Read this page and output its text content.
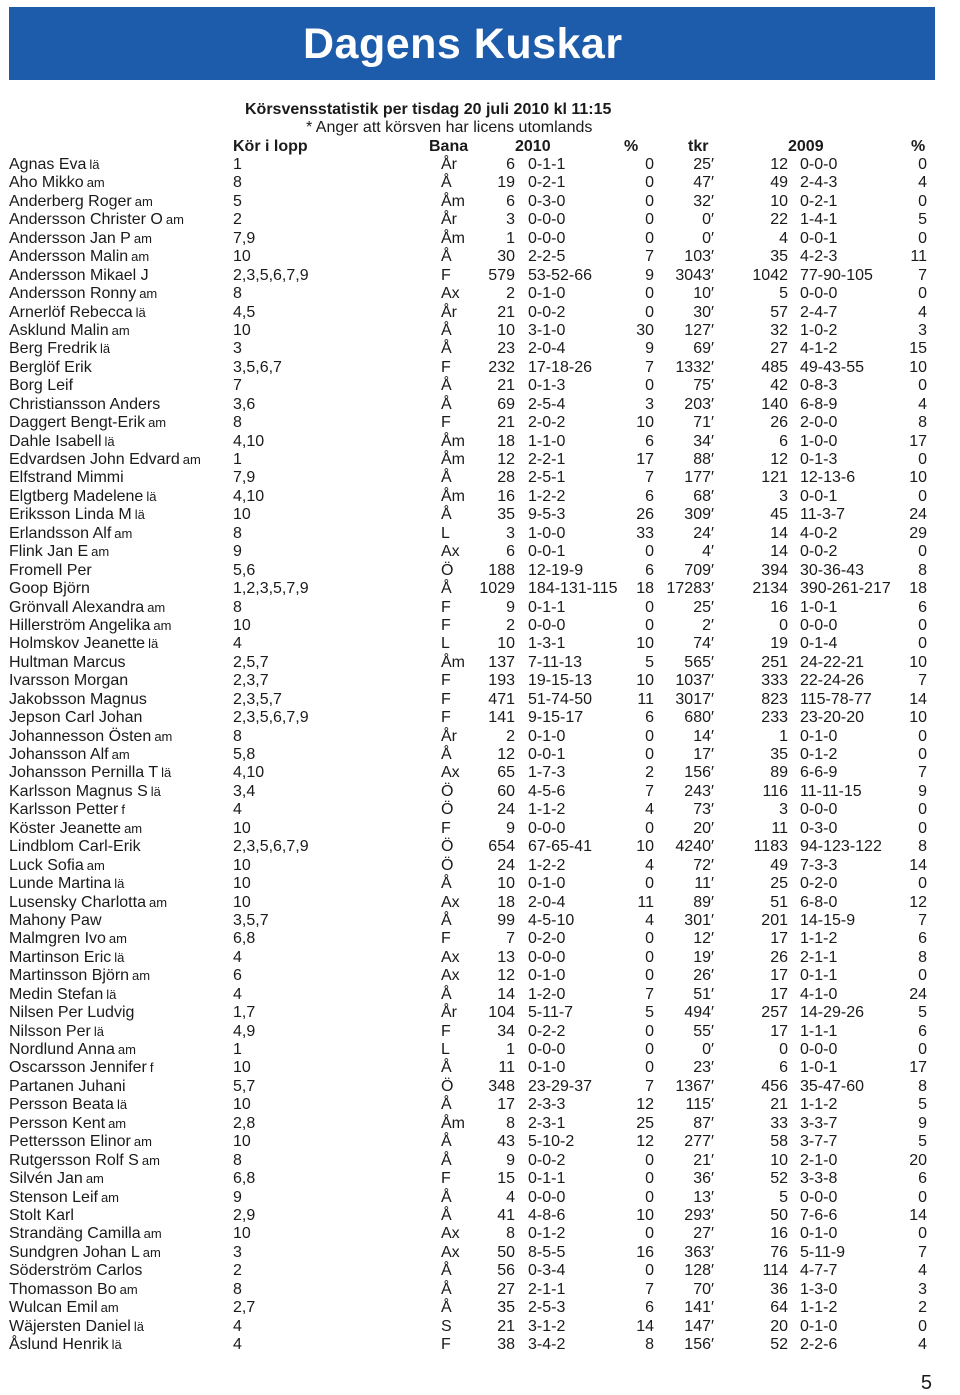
Dagens Kuskar
Körsvensstatistik per tisdag 20 juli 2010 kl 11:15
* Anger att körsven har licens utomlands
Kör i lopp	Bana	2010	%	tkr	2009	%
Agnas Eva lä	1	År	6 0-1-1	0 25′	12 0-0-0	0
Aho Mikko am	8	Å	19 0-2-1	0 47′	49 2-4-3	4
Anderberg Roger am	5	Åm	6 0-3-0	0 32′	10 0-2-1	0
Andersson Christer O am	2	År	3 0-0-0	0	0′	22 1-4-1	5
Andersson Jan P am	7,9	Åm	1 0-0-0	0	0′	4 0-0-1	0
Andersson Malin am	10	Å	30 2-2-5	7 103′	35 4-2-3	11
Andersson Mikael J	2,3,5,6,7,9	F 579 53-52-66	9 3043′ 1042 77-90-105	7
Andersson Ronny am	8	Ax	2 0-1-0	0 10′	5 0-0-0	0
Arnerlöf Rebecca lä	4,5	År	21 0-0-2	0 30′	57 2-4-7	4
Asklund Malin am	10	Å	10 3-1-0	30 127′	32 1-0-2	3
Berg Fredrik lä	3	Å	23 2-0-4	9 69′	27 4-1-2	15
Berglöf Erik	3,5,6,7	F 232 17-18-26	7 1332′	485 49-43-55	10
Borg Leif	7	Å	21 0-1-3	0 75′	42 0-8-3	0
Christiansson Anders	3,6	Å	69 2-5-4	3 203′	140 6-8-9	4
Daggert Bengt-Erik am	8	F	21 2-0-2	10 71′	26 2-0-0	8
Dahle Isabell lä	4,10	Åm 18 1-1-0	6 34′	6 1-0-0	17
Edvardsen John Edvard am 1	Åm 12 2-2-1	17 88′	12 0-1-3	0
Elfstrand Mimmi	7,9	Å	28 2-5-1	7 177′	121 12-13-6	10
Elgtberg Madelene lä	4,10	Åm 16 1-2-2	6 68′	3 0-0-1	0
Eriksson Linda M lä	10	Å	35 9-5-3	26 309′	45 11-3-7	24
Erlandsson Alf am	8	L	3 1-0-0	33 24′	14 4-0-2	29
Flink Jan E am	9	Ax	6 0-0-1	0	4′	14 0-0-2	0
Fromell Per	5,6	Ö 188 12-19-9	6 709′	394 30-36-43	8
Goop Björn	1,2,3,5,7,9	Å 1029 184-131-115 18 17283′ 2134 390-261-217 18
Grönvall Alexandra am	8	F	9 0-1-1	0 25′	16 1-0-1	6
Hillerström Angelika am	10	F	2 0-0-0	0	2′	0 0-0-0	0
Holmskov Jeanette lä	4	L	10 1-3-1	10 74′	19 0-1-4	0
Hultman Marcus	2,5,7	Åm 137 7-11-13	5 565′	251 24-22-21	10
Ivarsson Morgan	2,3,7	F 193 19-15-13	10 1037′	333 22-24-26	7
Jakobsson Magnus	2,3,5,7	F 471 51-74-50	11 3017′	823 115-78-77 14
Jepson Carl Johan	2,3,5,6,7,9	F 141 9-15-17	6 680′	233 23-20-20	10
Johannesson Östen am	8	År	2 0-1-0	0 14′	1 0-1-0	0
Johansson Alf am	5,8	Å	12 0-0-1	0 17′	35 0-1-2	0
Johansson Pernilla T lä	4,10	Ax 65 1-7-3	2 156′	89 6-6-9	7
Karlsson Magnus S lä	3,4	Ö	60 4-5-6	7 243′	116 11-11-15	9
Karlsson Petter f	4	Ö	24 1-1-2	4 73′	3 0-0-0	0
Köster Jeanette am	10	F	9 0-0-0	0 20′	11 0-3-0	0
Lindblom Carl-Erik	2,3,5,6,7,9	Ö 654 67-65-41	10 4240′ 1183 94-123-122 8
Luck Sofia am	10	Ö	24 1-2-2	4 72′	49 7-3-3	14
Lunde Martina lä	10	Å	10 0-1-0	0	11′	25 0-2-0	0
Lusensky Charlotta am	10	Ax 18 2-0-4	11 89′	51 6-8-0	12
Mahony Paw	3,5,7	Å	99 4-5-10	4 301′	201 14-15-9	7
Malmgren Ivo am	6,8	F	7 0-2-0	0 12′	17 1-1-2	6
Martinson Eric lä	4	Ax 13 0-0-0	0 19′	26 2-1-1	8
Martinsson Björn am	6	Ax 12 0-1-0	0 26′	17 0-1-1	0
Medin Stefan lä	4	Å	14 1-2-0	7 51′	17 4-1-0	24
Nilsen Per Ludvig	1,7	År 104 5-11-7	5 494′	257 14-29-26	5
Nilsson Per lä	4,9	F	34 0-2-2	0 55′	17 1-1-1	6
Nordlund Anna am	1	L	1 0-0-0	0	0′	0 0-0-0	0
Oscarsson Jennifer f	10	Å	11 0-1-0	0 23′	6 1-0-1	17
Partanen Juhani	5,7	Ö 348 23-29-37	7 1367′	456 35-47-60	8
Persson Beata lä	10	Å	17 2-3-3	12 115′	21 1-1-2	5
Persson Kent am	2,8	Åm	8 2-3-1	25 87′	33 3-3-7	9
Pettersson Elinor am	10	Å	43 5-10-2	12 277′	58 3-7-7	5
Rutgersson Rolf S am	8	Å	9 0-0-2	0 21′	10 2-1-0	20
Silvén Jan am	6,8	F	15 0-1-1	0 36′	52 3-3-8	6
Stenson Leif am	9	Å	4 0-0-0	0 13′	5 0-0-0	0
Stolt Karl	2,9	Å	41 4-8-6	10 293′	50 7-6-6	14
Strandäng Camilla am	10	Ax	8 0-1-2	0 27′	16 0-1-0	0
Sundgren Johan L am	3	Ax 50 8-5-5	16 363′	76 5-11-9	7
Söderström Carlos	2	Å	56 0-3-4	0 128′	114 4-7-7	4
Thomasson Bo am	8	Å	27 2-1-1	7 70′	36 1-3-0	3
Wulcan Emil am	2,7	Å	35 2-5-3	6 141′	64 1-1-2	2
Wäjersten Daniel lä	4	S	21 3-1-2	14 147′	20 0-1-0	0
Åslund Henrik lä	4	F	38 3-4-2	8 156′	52 2-2-6	4
5
